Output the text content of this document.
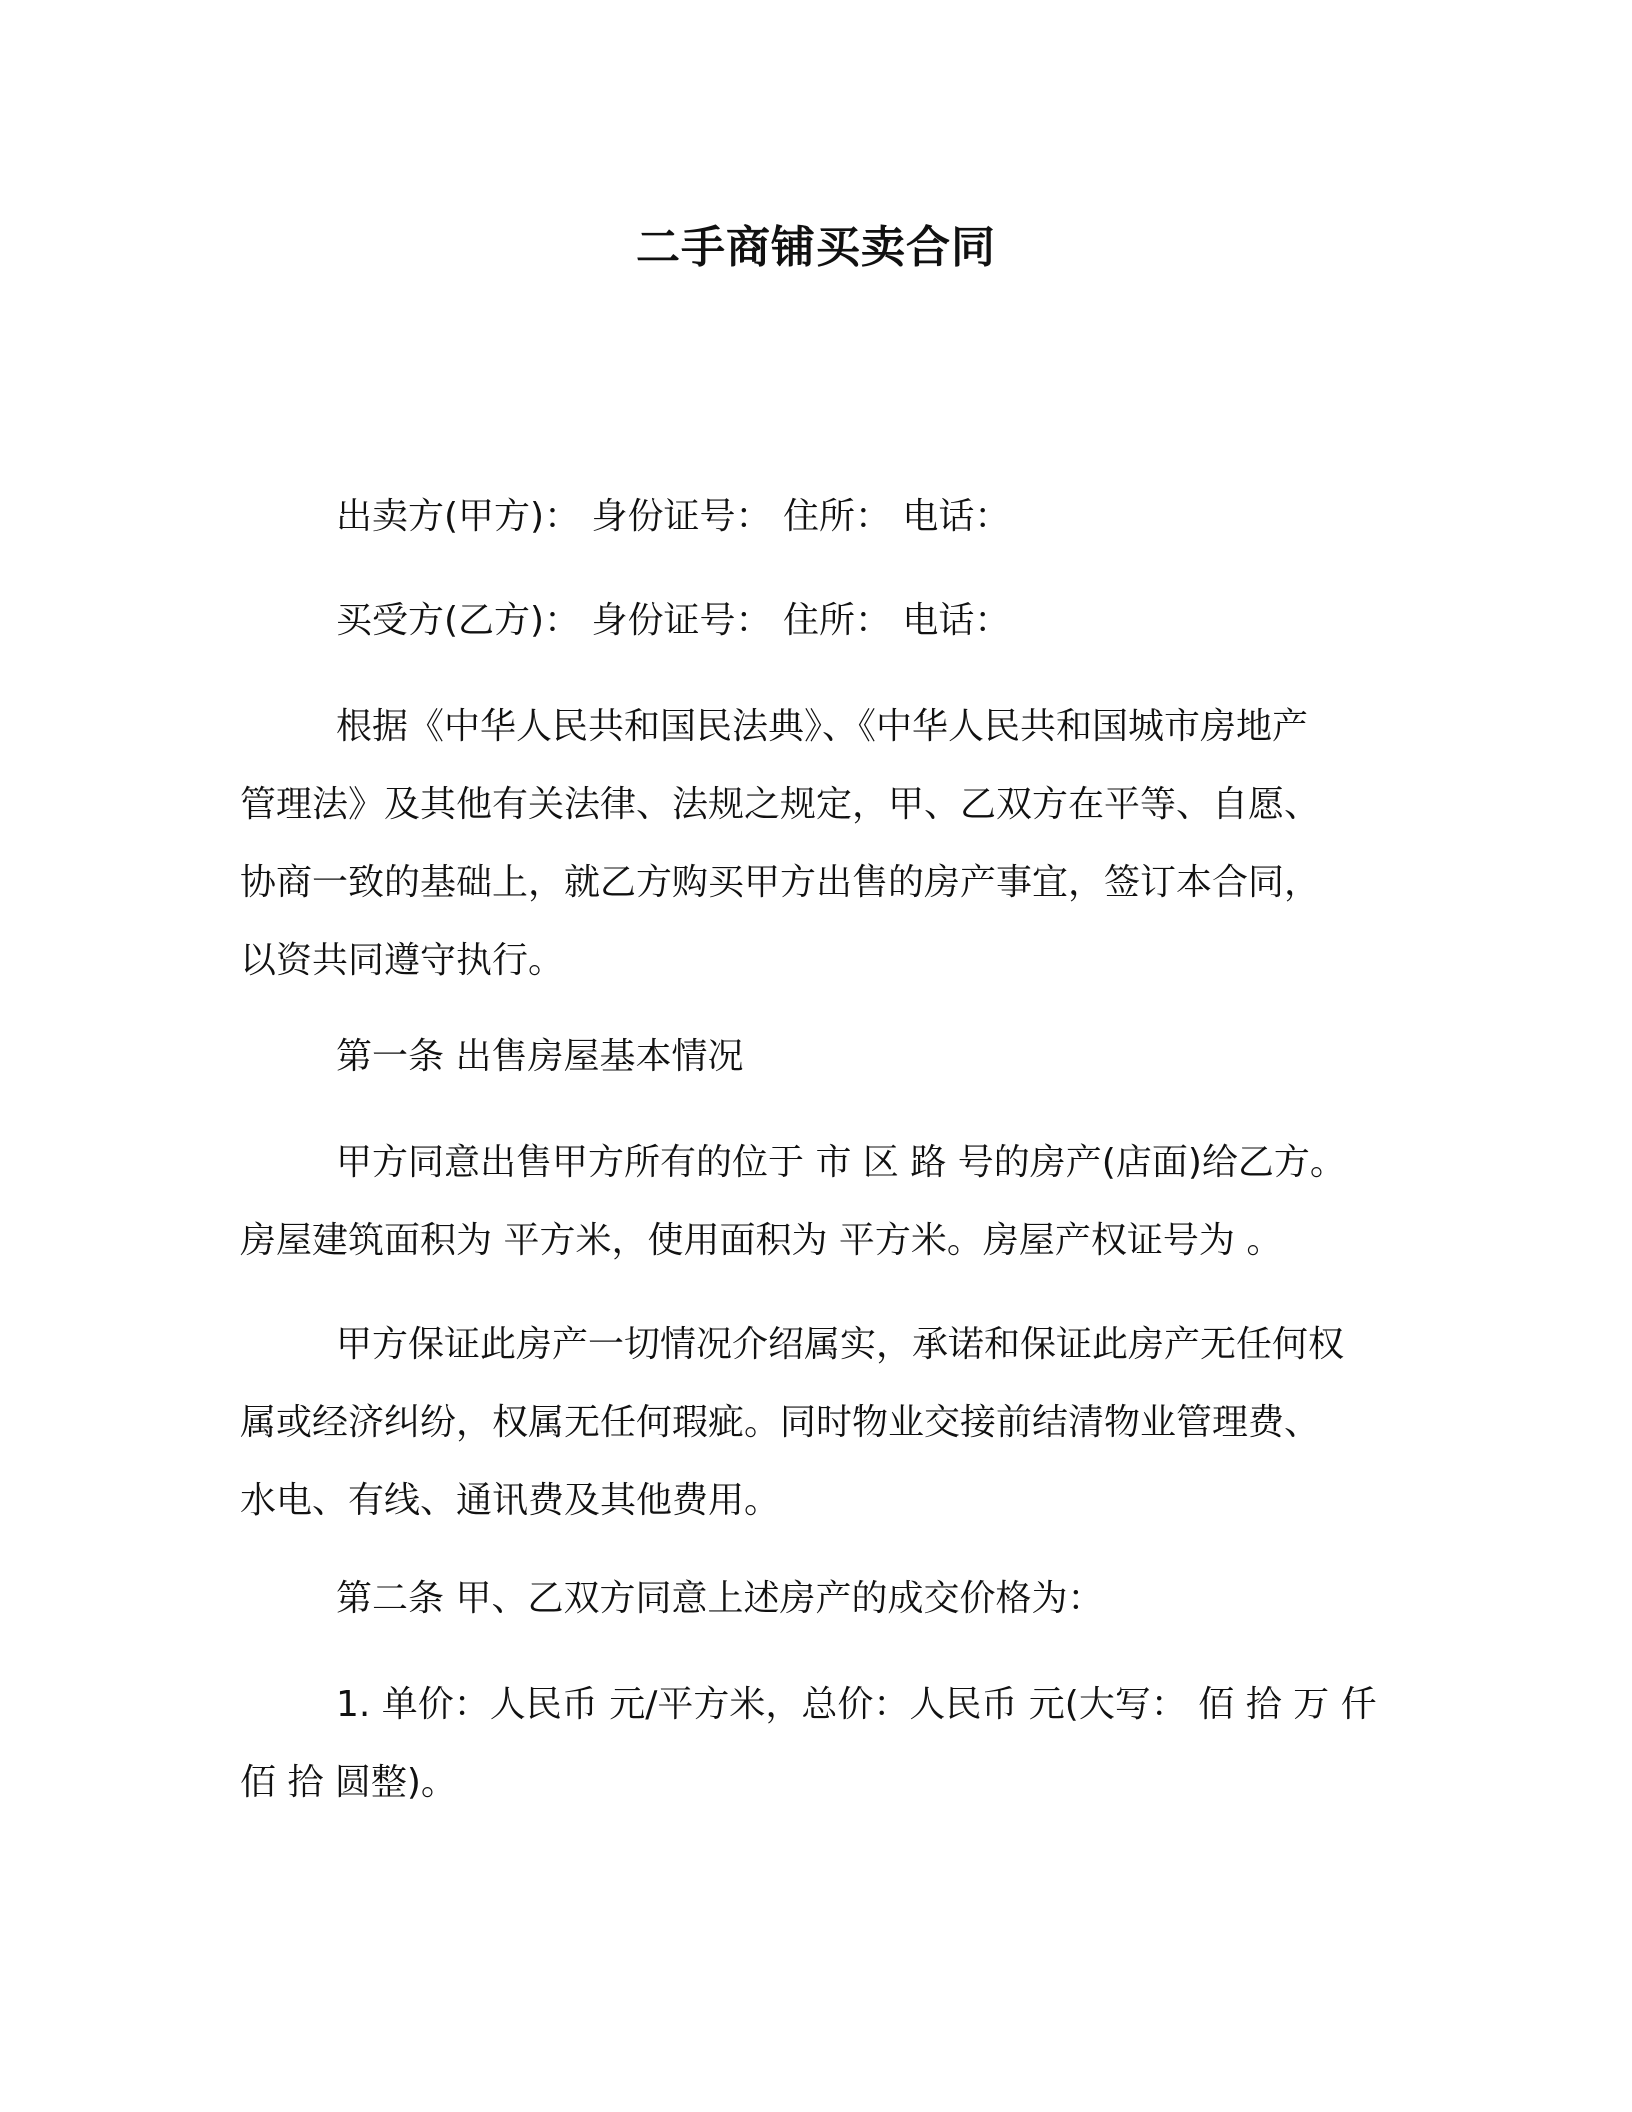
二手商铺买卖合同
出卖方(甲方)： 身份证号： 住所： 电话：
买受方(乙方)： 身份证号： 住所： 电话：
根据《中华人民共和国民法典》、《中华人民共和国城市房地产
管理法》及其他有关法律、法规之规定，甲、乙双方在平等、自愿、
协商一致的基础上，就乙方购买甲方出售的房产事宜，签订本合同，
以资共同遵守执行。
第一条 出售房屋基本情况
甲方同意出售甲方所有的位于 市 区 路 号的房产(店面)给乙方。
房屋建筑面积为 平方米，使用面积为 平方米。房屋产权证号为 。
甲方保证此房产一切情况介绍属实，承诺和保证此房产无任何权
属或经济纠纷，权属无任何瑕疵。同时物业交接前结清物业管理费、
水电、有线、通讯费及其他费用。
第二条 甲、乙双方同意上述房产的成交价格为：
1. 单价：人民币 元/平方米，总价：人民币 元(大写： 佰 拾 万 仟
佰 拾 圆整)。
